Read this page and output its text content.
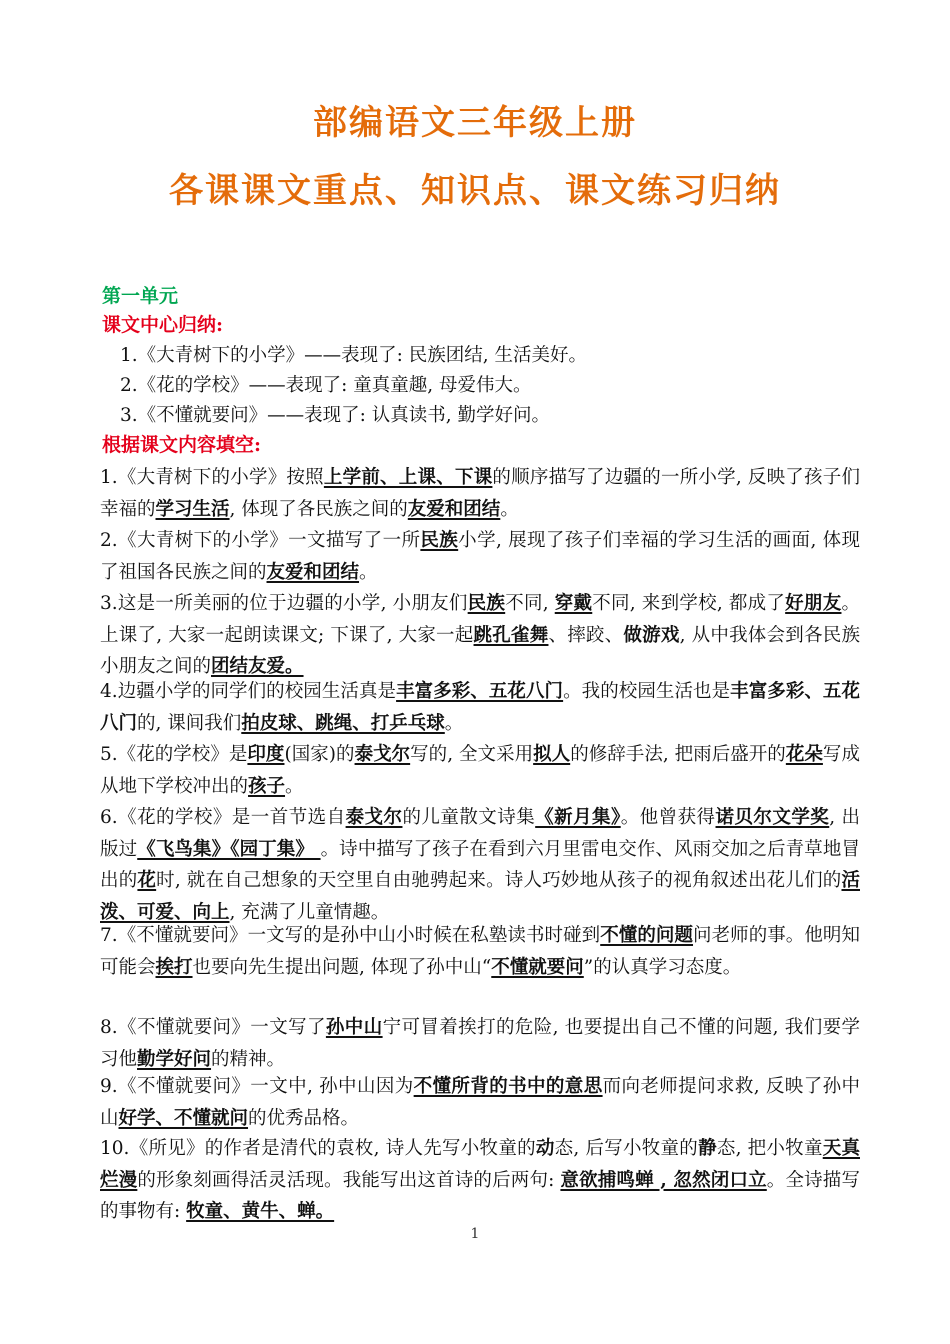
部编语文三年级上册
各课课文重点、知识点、课文练习归纳
第一单元
课文中心归纳:
1.《大青树下的小学》——表现了: 民族团结, 生活美好。
2.《花的学校》——表现了: 童真童趣, 母爱伟大。
3.《不懂就要问》——表现了: 认真读书, 勤学好问。
根据课文内容填空:
1.《大青树下的小学》按照上学前、上课、下课的顺序描写了边疆的一所小学, 反映了孩子们幸福的学习生活, 体现了各民族之间的友爱和团结。
2.《大青树下的小学》一文描写了一所民族小学, 展现了孩子们幸福的学习生活的画面, 体现了祖国各民族之间的友爱和团结。
3.这是一所美丽的位于边疆的小学, 小朋友们民族不同, 穿戴不同, 来到学校, 都成了好朋友。上课了, 大家一起朗读课文; 下课了, 大家一起跳孔雀舞、摔跤、做游戏, 从中我体会到各民族小朋友之间的团结友爱。
4.边疆小学的同学们的校园生活真是丰富多彩、五花八门。我的校园生活也是丰富多彩、五花八门的, 课间我们拍皮球、跳绳、打乒乓球。
5.《花的学校》是印度(国家)的泰戈尔写的, 全文采用拟人的修辞手法, 把雨后盛开的花朵写成从地下学校冲出的孩子。
6.《花的学校》是一首节选自泰戈尔的儿童散文诗集《新月集》。他曾获得诺贝尔文学奖, 出版过《飞鸟集》《园丁集》 。诗中描写了孩子在看到六月里雷电交作、风雨交加之后青草地冒出的花时, 就在自己想象的天空里自由驰骋起来。诗人巧妙地从孩子的视角叙述出花儿们的活泼、可爱、向上, 充满了儿童情趣。
7.《不懂就要问》一文写的是孙中山小时候在私塾读书时碰到不懂的问题问老师的事。他明知可能会挨打也要向先生提出问题, 体现了孙中山“不懂就要问”的认真学习态度。
8.《不懂就要问》一文写了孙中山宁可冒着挨打的危险, 也要提出自己不懂的问题, 我们要学习他勤学好问的精神。
9.《不懂就要问》一文中, 孙中山因为不懂所背的书中的意思而向老师提问求救, 反映了孙中山好学、不懂就问的优秀品格。
10.《所见》的作者是清代的袁枚, 诗人先写小牧童的动态, 后写小牧童的静态, 把小牧童天真烂漫的形象刻画得活灵活现。我能写出这首诗的后两句: 意欲捕鸣蝉 , 忽然闭口立。全诗描写的事物有: 牧童、黄牛、蝉。
1
